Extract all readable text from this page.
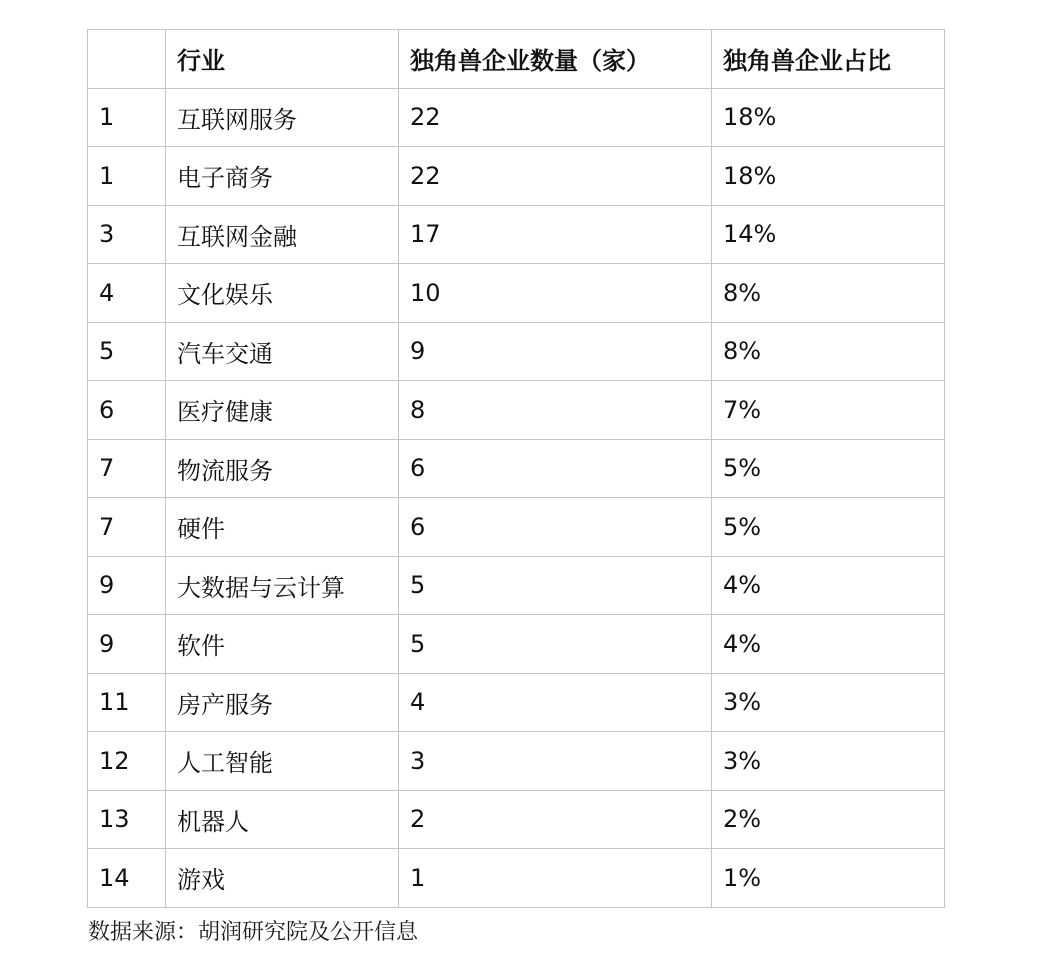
	行业	独角兽企业数量（家）	独角兽企业占比
1	互联网服务	22	18%
1	电子商务	22	18%
3	互联网金融	17	14%
4	文化娱乐	10	8%
5	汽车交通	9	8%
6	医疗健康	8	7%
7	物流服务	6	5%
7	硬件	6	5%
9	大数据与云计算	5	4%
9	软件	5	4%
11	房产服务	4	3%
12	人工智能	3	3%
13	机器人	2	2%
14	游戏	1	1%
数据来源：胡润研究院及公开信息
